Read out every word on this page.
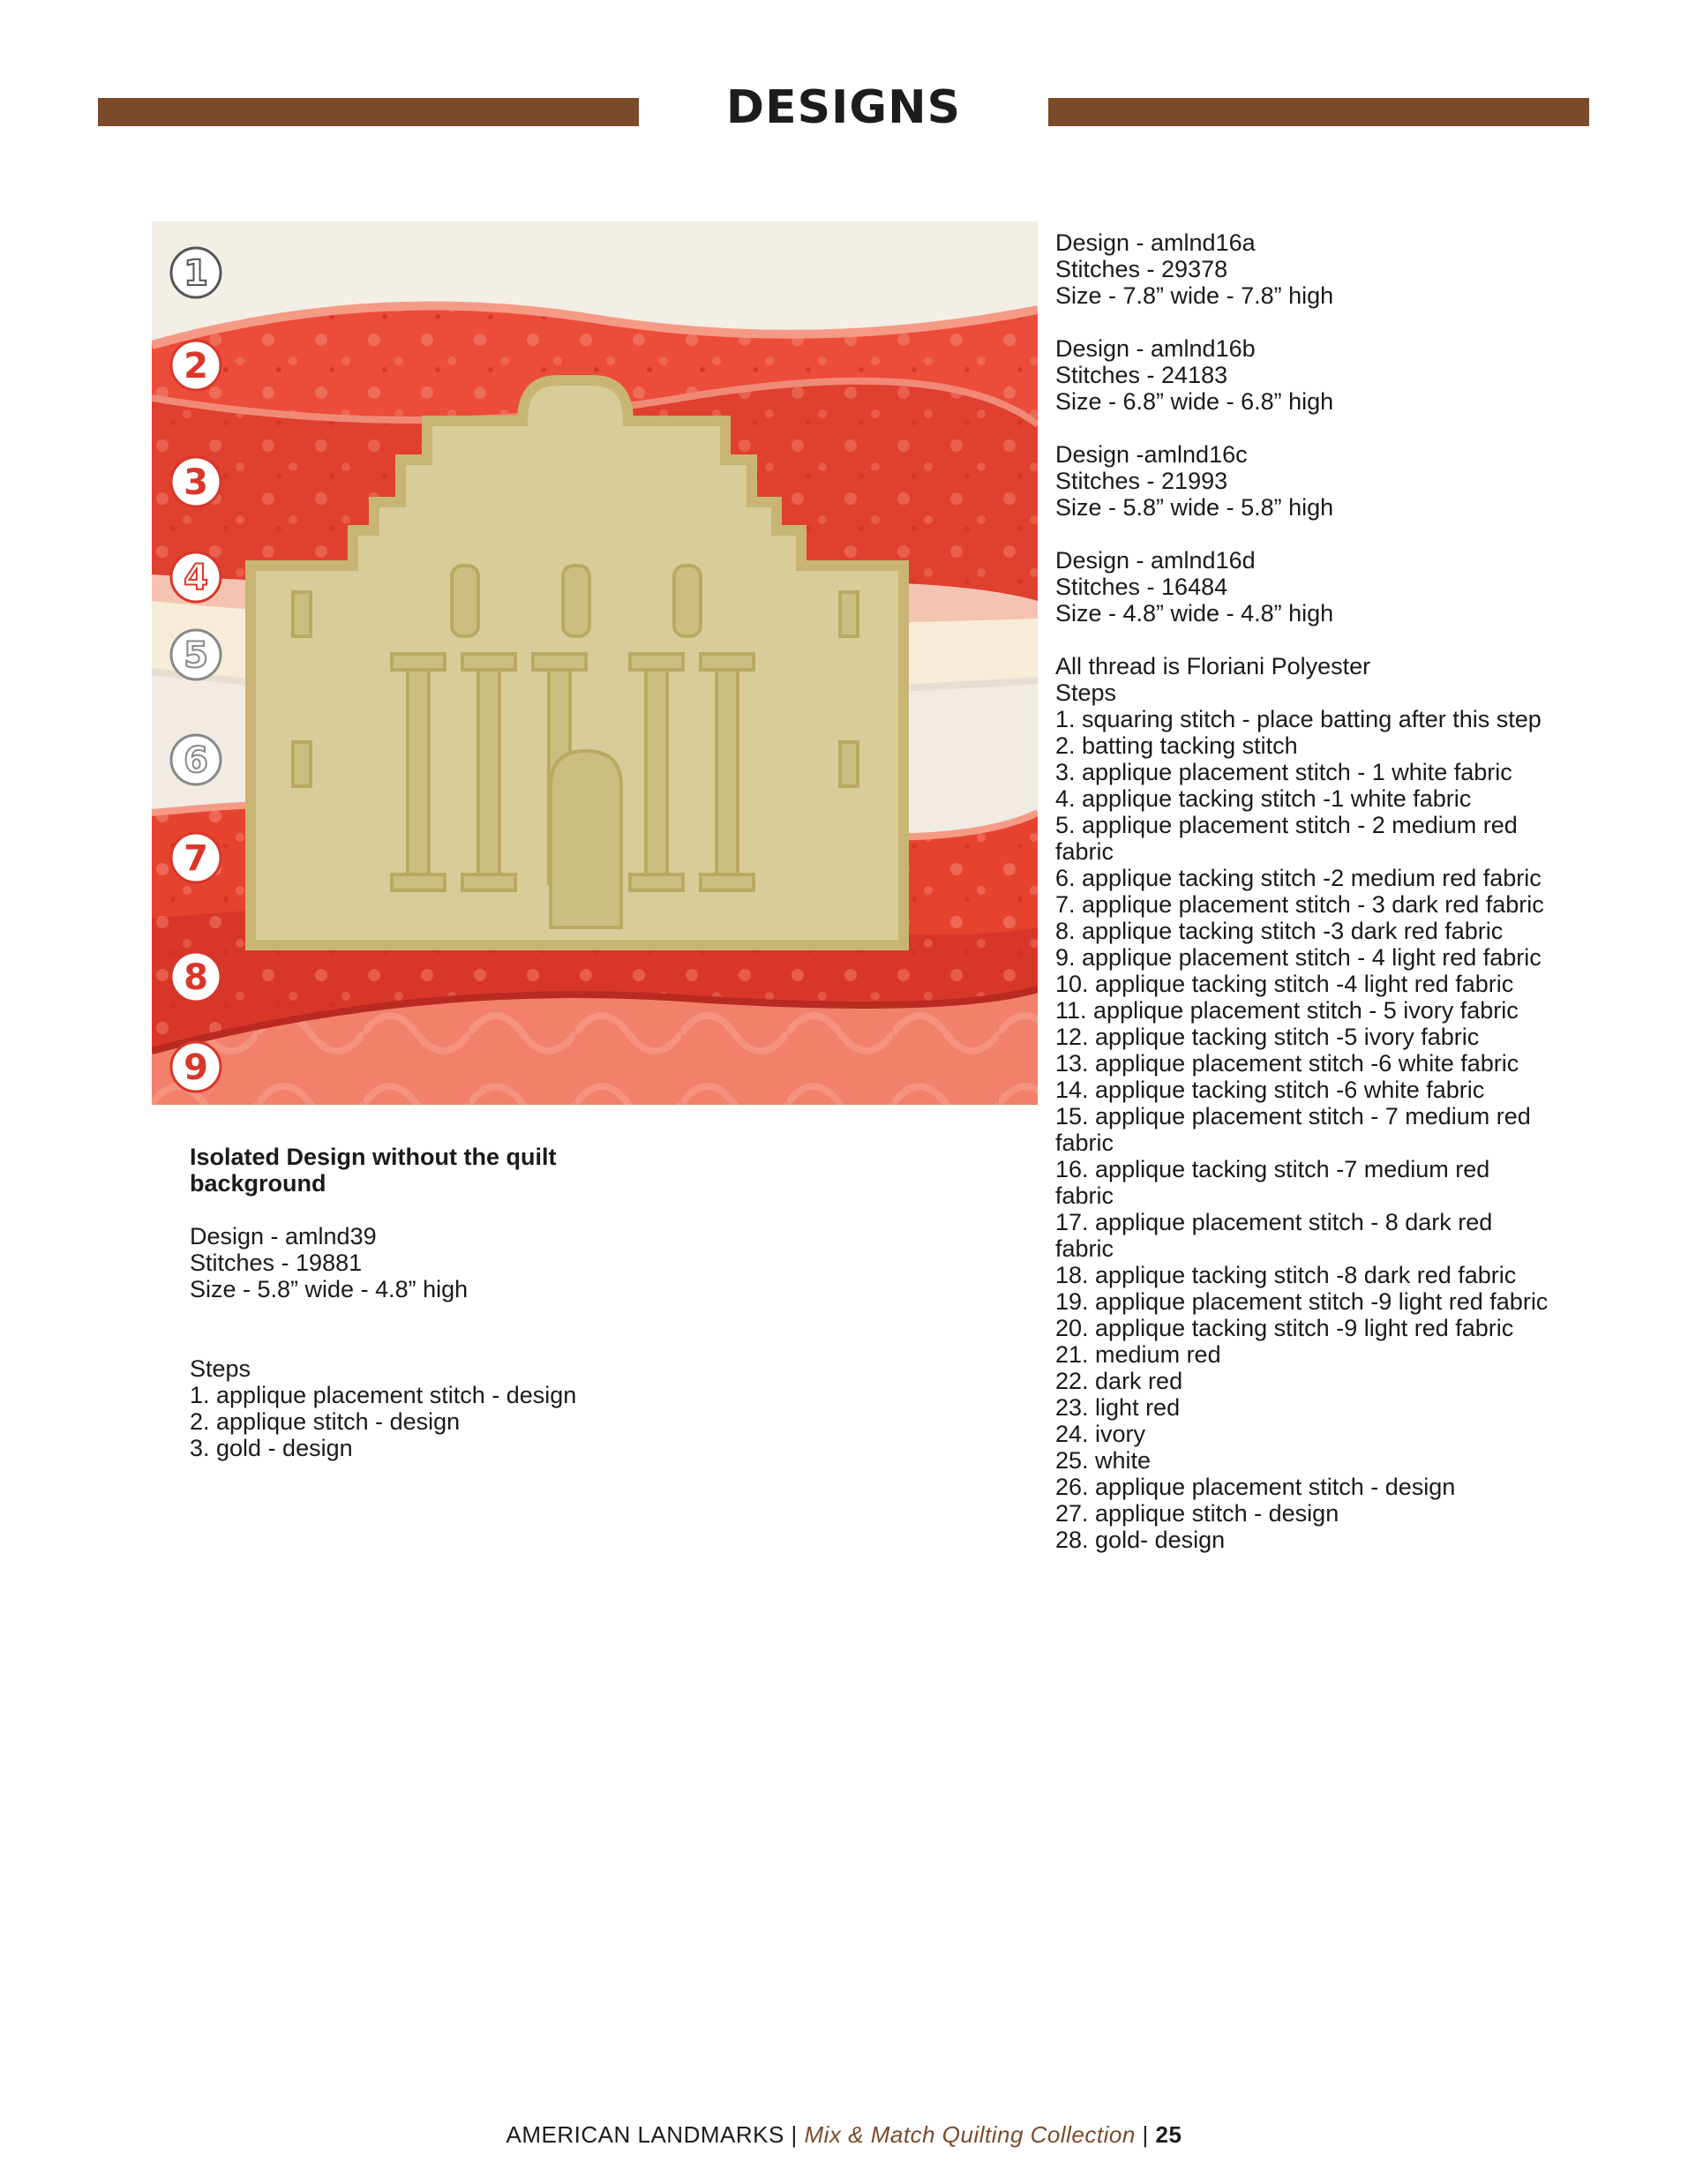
DESIGNS
1
2
3
4
5
6
7
8
9
Design - amlnd16a
Stitches - 29378
Size - 7.8” wide - 7.8” high
Design - amlnd16b
Stitches - 24183
Size - 6.8” wide - 6.8” high
Design -amlnd16c
Stitches - 21993
Size - 5.8” wide - 5.8” high
Design - amlnd16d
Stitches - 16484
Size - 4.8” wide - 4.8” high
All thread is Floriani Polyester
Steps
1. squaring stitch - place batting after this step
2. batting tacking stitch
3. applique placement stitch - 1 white fabric
4. applique tacking stitch -1 white fabric
5. applique placement stitch - 2 medium red fabric
6. applique tacking stitch -2 medium red fabric
7. applique placement stitch - 3 dark red fabric
8. applique tacking stitch -3 dark red fabric
9. applique placement stitch - 4 light red fabric
10. applique tacking stitch -4 light red fabric
11. applique placement stitch - 5 ivory fabric
12. applique tacking stitch -5 ivory fabric
13. applique placement stitch -6 white fabric
14. applique tacking stitch -6 white fabric
15. applique placement stitch - 7 medium red fabric
16. applique tacking stitch -7 medium red fabric
17. applique placement stitch - 8 dark red fabric
18. applique tacking stitch -8 dark red fabric
19. applique placement stitch -9 light red fabric
20. applique tacking stitch -9 light red fabric
21. medium red
22. dark red
23. light red
24. ivory
25. white
26. applique placement stitch - design
27. applique stitch - design
28. gold- design
Isolated Design without the quilt background
Design - amlnd39
Stitches - 19881
Size - 5.8” wide - 4.8” high
Steps
1. applique placement stitch - design
2. applique stitch - design
3. gold - design
AMERICAN LANDMARKS | Mix & Match Quilting Collection | 25
